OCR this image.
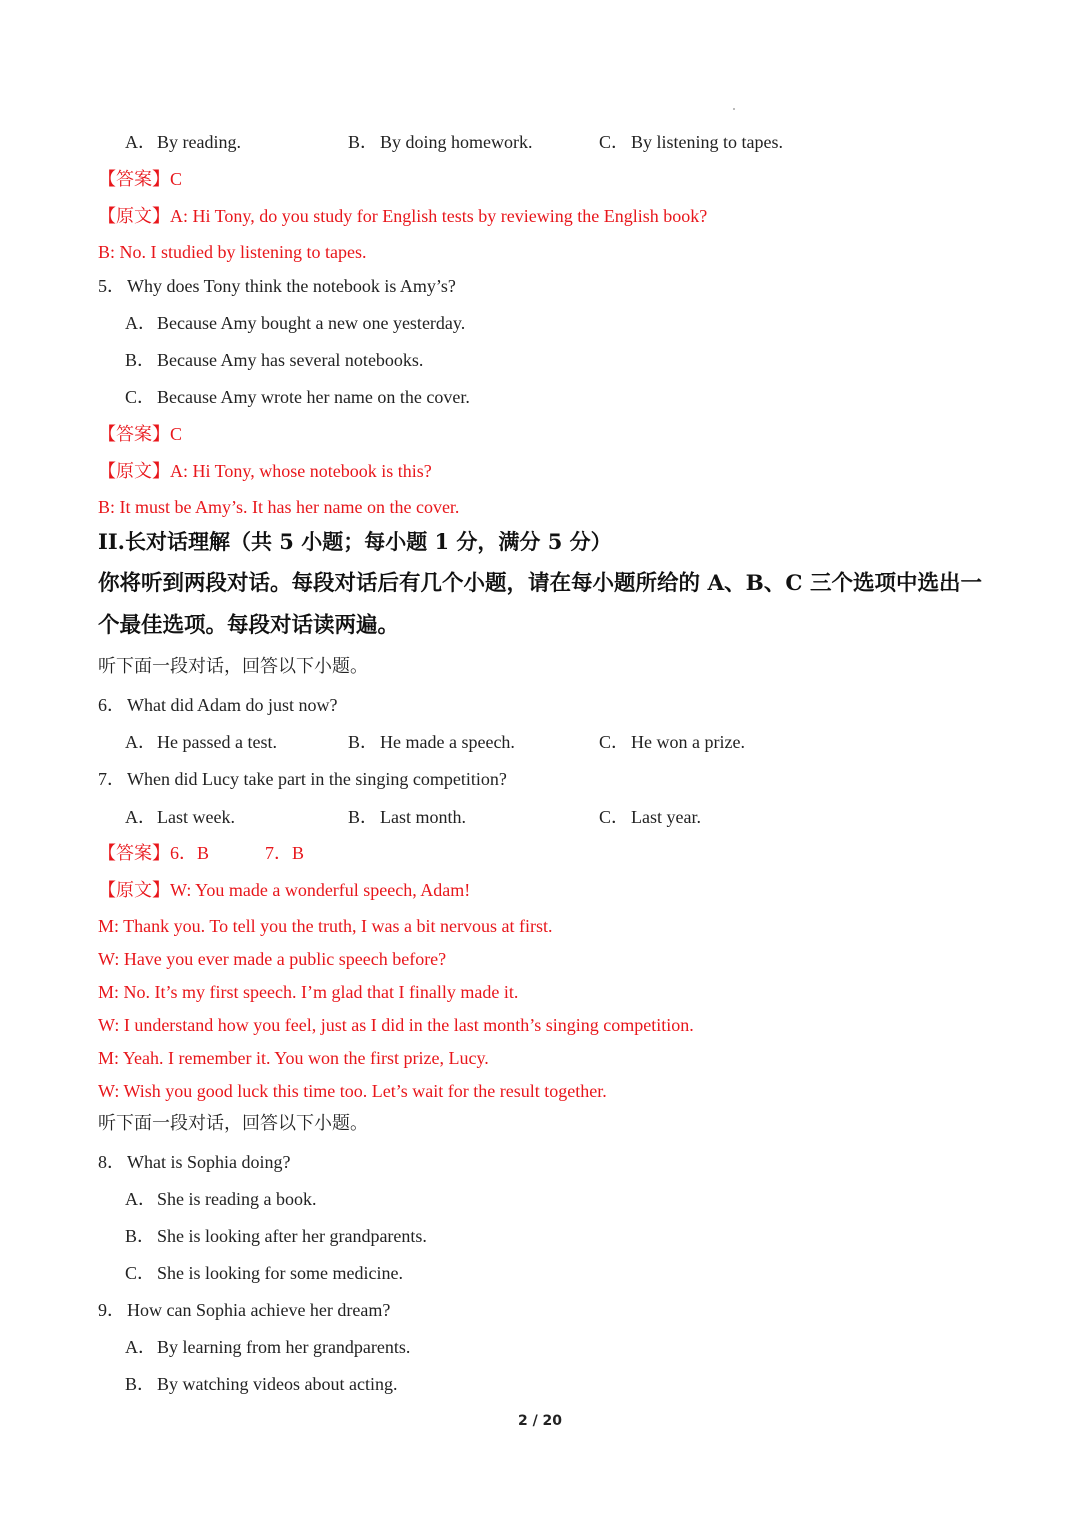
A．By reading.	B． By doing homework.	C． By listening to tapes.
【答案】C
【原文】A: Hi Tony, do you study for English tests by reviewing the English book?
B: No. I studied by listening to tapes.
5． Why does Tony think the notebook is Amy’s?
A．Because Amy bought a new one yesterday.
B． Because Amy has several notebooks.
C． Because Amy wrote her name on the cover.
【答案】C
【原文】A: Hi Tony, whose notebook is this?
B: It must be Amy’s. It has her name on the cover.
II.长对话理解（共 5 小题；每小题 1 分，满分 5 分）
你将听到两段对话。每段对话后有几个小题，请在每小题所给的 A、B、C 三个选项中选出一
个最佳选项。每段对话读两遍。
听下面一段对话，回答以下小题。
6． What did Adam do just now?
A．He passed a test.	B． He made a speech.	C． He won a prize.
7． When did Lucy take part in the singing competition?
A．Last week.	B． Last month.	C． Last year.
【答案】6．B	7．B
【原文】W: You made a wonderful speech, Adam!
M: Thank you. To tell you the truth, I was a bit nervous at first.
W: Have you ever made a public speech before?
M: No. It’s my first speech. I’m glad that I finally made it.
W: I understand how you feel, just as I did in the last month’s singing competition.
M: Yeah. I remember it. You won the first prize, Lucy.
W: Wish you good luck this time too. Let’s wait for the result together.
听下面一段对话，回答以下小题。
8． What is Sophia doing?
A．She is reading a book.
B． She is looking after her grandparents.
C． She is looking for some medicine.
9． How can Sophia achieve her dream?
A．By learning from her grandparents.
B． By watching videos about acting.
2 / 20
